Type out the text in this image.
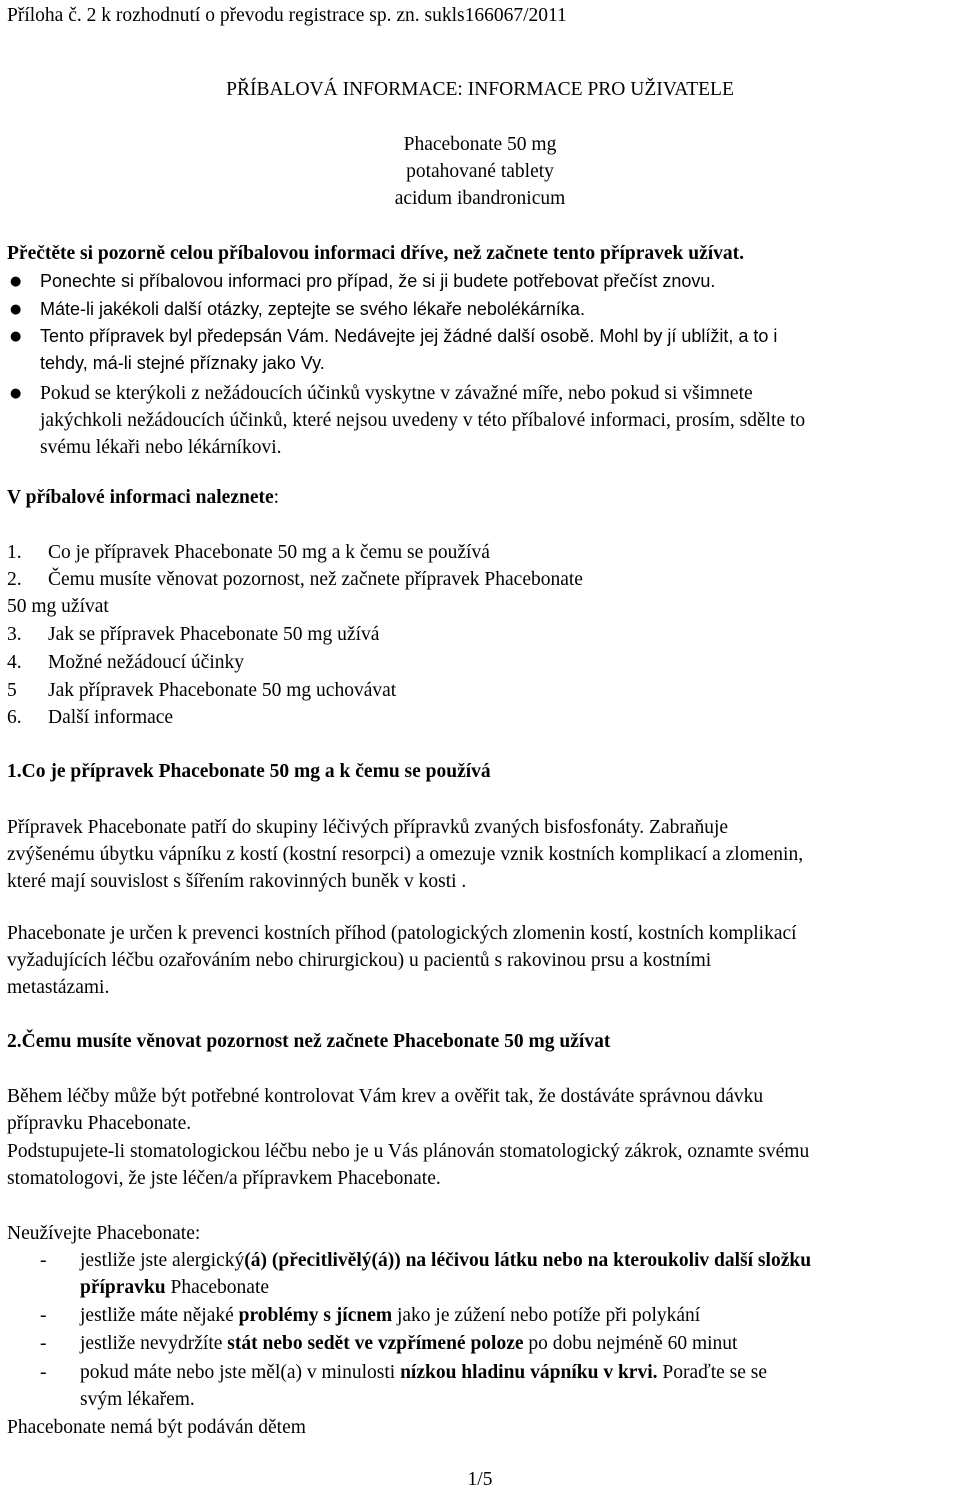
Příloha č. 2 k rozhodnutí o převodu registrace sp. zn. sukls166067/2011
PŘÍBALOVÁ INFORMACE: INFORMACE PRO UŽIVATELE
Phacebonate 50 mg
potahované tablety
acidum ibandronicum
Přečtěte si pozorně celou příbalovou informaci dříve, než začnete tento přípravek užívat.
● Ponechte si příbalovou informaci pro případ, že si ji budete potřebovat přečíst znovu.
● Máte-li jakékoli další otázky, zeptejte se svého lékaře nebolékárníka.
● Tento přípravek byl předepsán Vám. Nedávejte jej žádné další osobě. Mohl by jí ublížit, a to i
tehdy, má-li stejné příznaky jako Vy.
● Pokud se kterýkoli z nežádoucích účinků vyskytne v závažné míře, nebo pokud si všimnete
jakýchkoli nežádoucích účinků, které nejsou uvedeny v této příbalové informaci, prosím, sdělte to
svému lékaři nebo lékárníkovi.
V příbalové informaci naleznete:
1. Co je přípravek Phacebonate 50 mg a k čemu se používá
2. Čemu musíte věnovat pozornost, než začnete přípravek Phacebonate
50 mg užívat
3. Jak se přípravek Phacebonate 50 mg užívá
4. Možné nežádoucí účinky
5 Jak přípravek Phacebonate 50 mg uchovávat
6. Další informace
1.Co je přípravek Phacebonate 50 mg a k čemu se používá
Přípravek Phacebonate patří do skupiny léčivých přípravků zvaných bisfosfonáty. Zabraňuje
zvýšenému úbytku vápníku z kostí (kostní resorpci) a omezuje vznik kostních komplikací a zlomenin,
které mají souvislost s šířením rakovinných buněk v kosti .
Phacebonate je určen k prevenci kostních příhod (patologických zlomenin kostí, kostních komplikací
vyžadujících léčbu ozařováním nebo chirurgickou) u pacientů s rakovinou prsu a kostními
metastázami.
2.Čemu musíte věnovat pozornost než začnete Phacebonate 50 mg užívat
Během léčby může být potřebné kontrolovat Vám krev a ověřit tak, že dostáváte správnou dávku
přípravku Phacebonate.
Podstupujete-li stomatologickou léčbu nebo je u Vás plánován stomatologický zákrok, oznamte svému
stomatologovi, že jste léčen/a přípravkem Phacebonate.
Neužívejte Phacebonate:
- jestliže jste alergický(á) (přecitlivělý(á)) na léčivou látku nebo na kteroukoliv další složku
přípravku Phacebonate
- jestliže máte nějaké problémy s jícnem jako je zúžení nebo potíže při polykání
- jestliže nevydržíte stát nebo sedět ve vzpřímené poloze po dobu nejméně 60 minut
- pokud máte nebo jste měl(a) v minulosti nízkou hladinu vápníku v krvi. Poraďte se se
svým lékařem.
Phacebonate nemá být podáván dětem
1/5
